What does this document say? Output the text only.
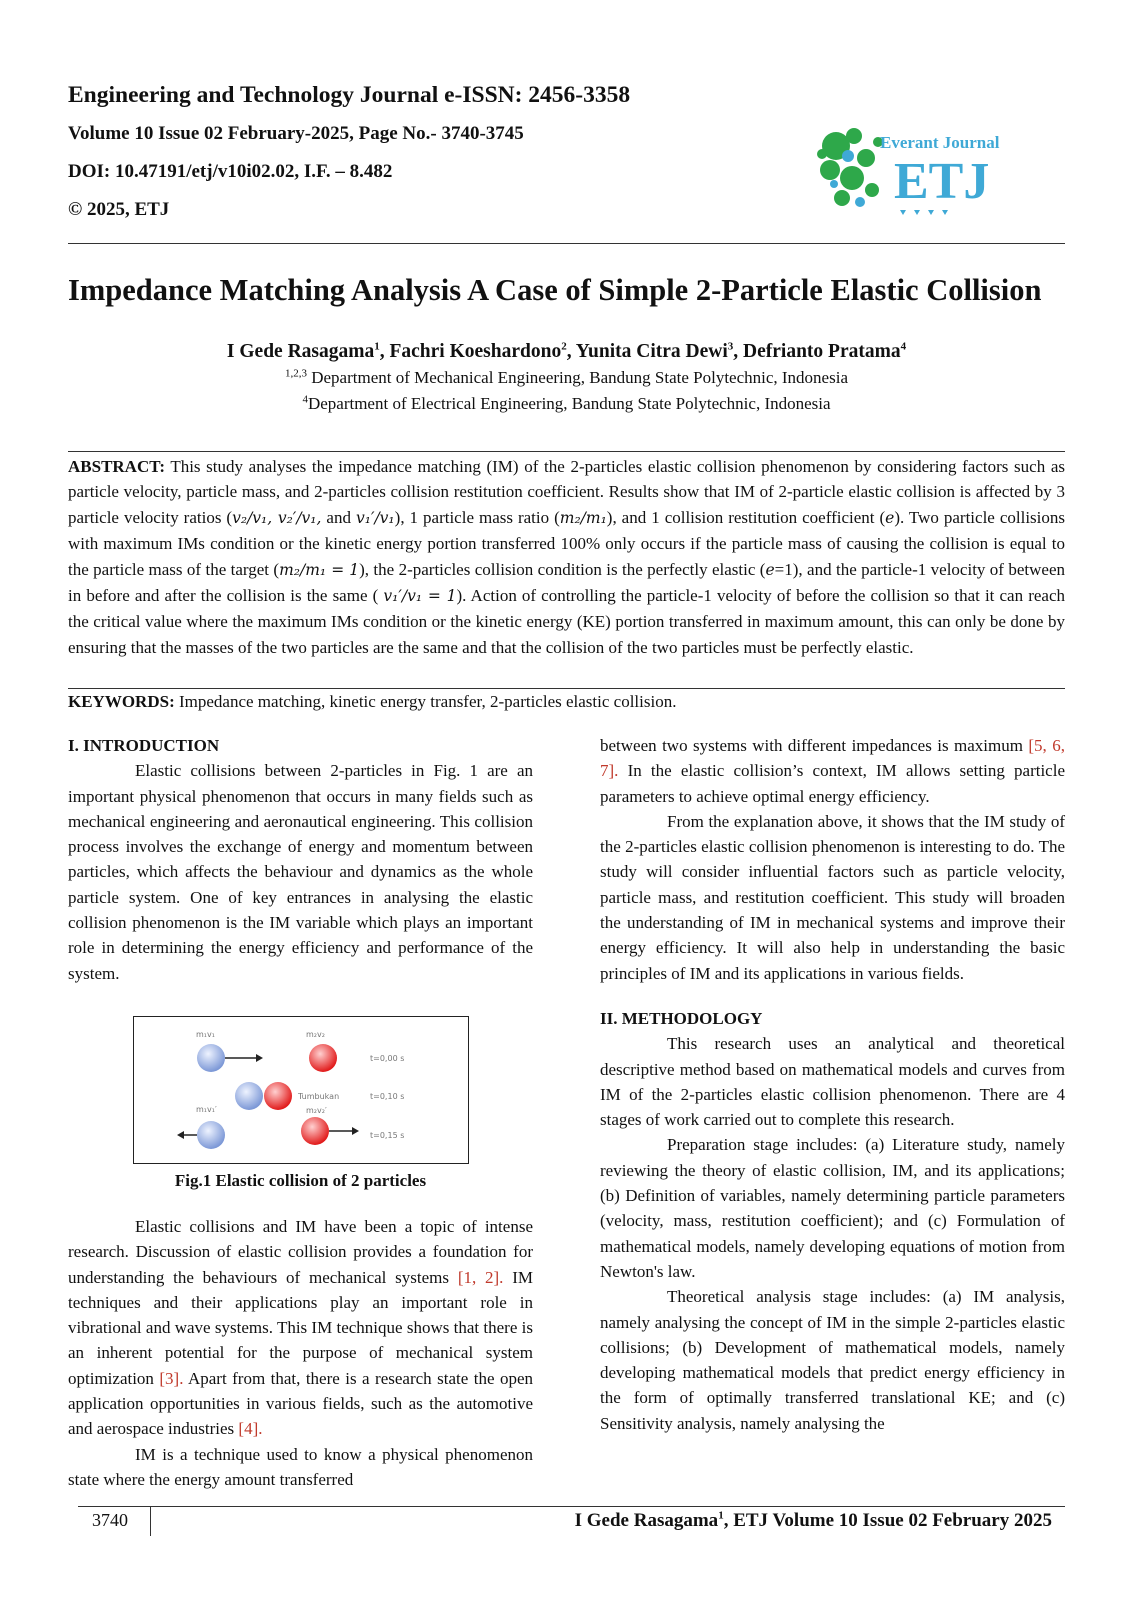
Engineering and Technology Journal e-ISSN: 2456-3358
Volume 10 Issue 02 February-2025, Page No.- 3740-3745
DOI: 10.47191/etj/v10i02.02, I.F. – 8.482
© 2025, ETJ
Everant Journal
ETJ
Impedance Matching Analysis A Case of Simple 2-Particle Elastic Collision
I Gede Rasagama$^1$, Fachri Koeshardono$^2$, Yunita Citra Dewi$^3$, Defrianto Pratama$^4$
$^{1,2,3}$ Department of Mechanical Engineering, Bandung State Polytechnic, Indonesia
$^4$Department of Electrical Engineering, Bandung State Polytechnic, Indonesia
ABSTRACT: This study analyses the impedance matching (IM) of the 2-particles elastic collision phenomenon by considering factors such as particle velocity, particle mass, and 2-particles collision restitution coefficient. Results show that IM of 2-particle elastic collision is affected by 3 particle velocity ratios (v₂/v₁, v₂′/v₁, and v₁′/v₁), 1 particle mass ratio (m₂/m₁), and 1 collision restitution coefficient (e). Two particle collisions with maximum IMs condition or the kinetic energy portion transferred 100% only occurs if the particle mass of causing the collision is equal to the particle mass of the target (m₂/m₁ = 1), the 2-particles collision condition is the perfectly elastic (e=1), and the particle-1 velocity of between in before and after the collision is the same ( v₁′/v₁ = 1). Action of controlling the particle-1 velocity of before the collision so that it can reach the critical value where the maximum IMs condition or the kinetic energy (KE) portion transferred in maximum amount, this can only be done by ensuring that the masses of the two particles are the same and that the collision of the two particles must be perfectly elastic.
KEYWORDS: Impedance matching, kinetic energy transfer, 2-particles elastic collision.
I. INTRODUCTION
Elastic collisions between 2-particles in Fig. 1 are an important physical phenomenon that occurs in many fields such as mechanical engineering and aeronautical engineering. This collision process involves the exchange of energy and momentum between particles, which affects the behaviour and dynamics as the whole particle system. One of key entrances in analysing the elastic collision phenomenon is the IM variable which plays an important role in determining the energy efficiency and performance of the system.
m₁v₁	m₂v₂
t=0,00 s
Tumbukan	t=0,10 s
m₁v₁′	m₂v₂′
t=0,15 s
Fig.1 Elastic collision of 2 particles
Elastic collisions and IM have been a topic of intense research. Discussion of elastic collision provides a foundation for understanding the behaviours of mechanical systems [1, 2]. IM techniques and their applications play an important role in vibrational and wave systems. This IM technique shows that there is an inherent potential for the purpose of mechanical system optimization [3]. Apart from that, there is a research state the open application opportunities in various fields, such as the automotive and aerospace industries [4].
IM is a technique used to know a physical phenomenon state where the energy amount transferred
between two systems with different impedances is maximum [5, 6, 7]. In the elastic collision’s context, IM allows setting particle parameters to achieve optimal energy efficiency.
From the explanation above, it shows that the IM study of the 2-particles elastic collision phenomenon is interesting to do. The study will consider influential factors such as particle velocity, particle mass, and restitution coefficient. This study will broaden the understanding of IM in mechanical systems and improve their energy efficiency. It will also help in understanding the basic principles of IM and its applications in various fields.
II. METHODOLOGY
This research uses an analytical and theoretical descriptive method based on mathematical models and curves from IM of the 2-particles elastic collision phenomenon. There are 4 stages of work carried out to complete this research.
Preparation stage includes: (a) Literature study, namely reviewing the theory of elastic collision, IM, and its applications; (b) Definition of variables, namely determining particle parameters (velocity, mass, restitution coefficient); and (c) Formulation of mathematical models, namely developing equations of motion from Newton's law.
Theoretical analysis stage includes: (a) IM analysis, namely analysing the concept of IM in the simple 2-particles elastic collisions; (b) Development of mathematical models, namely developing mathematical models that predict energy efficiency in the form of optimally transferred translational KE; and (c) Sensitivity analysis, namely analysing the
3740	I Gede Rasagama$^1$, ETJ Volume 10 Issue 02 February 2025
